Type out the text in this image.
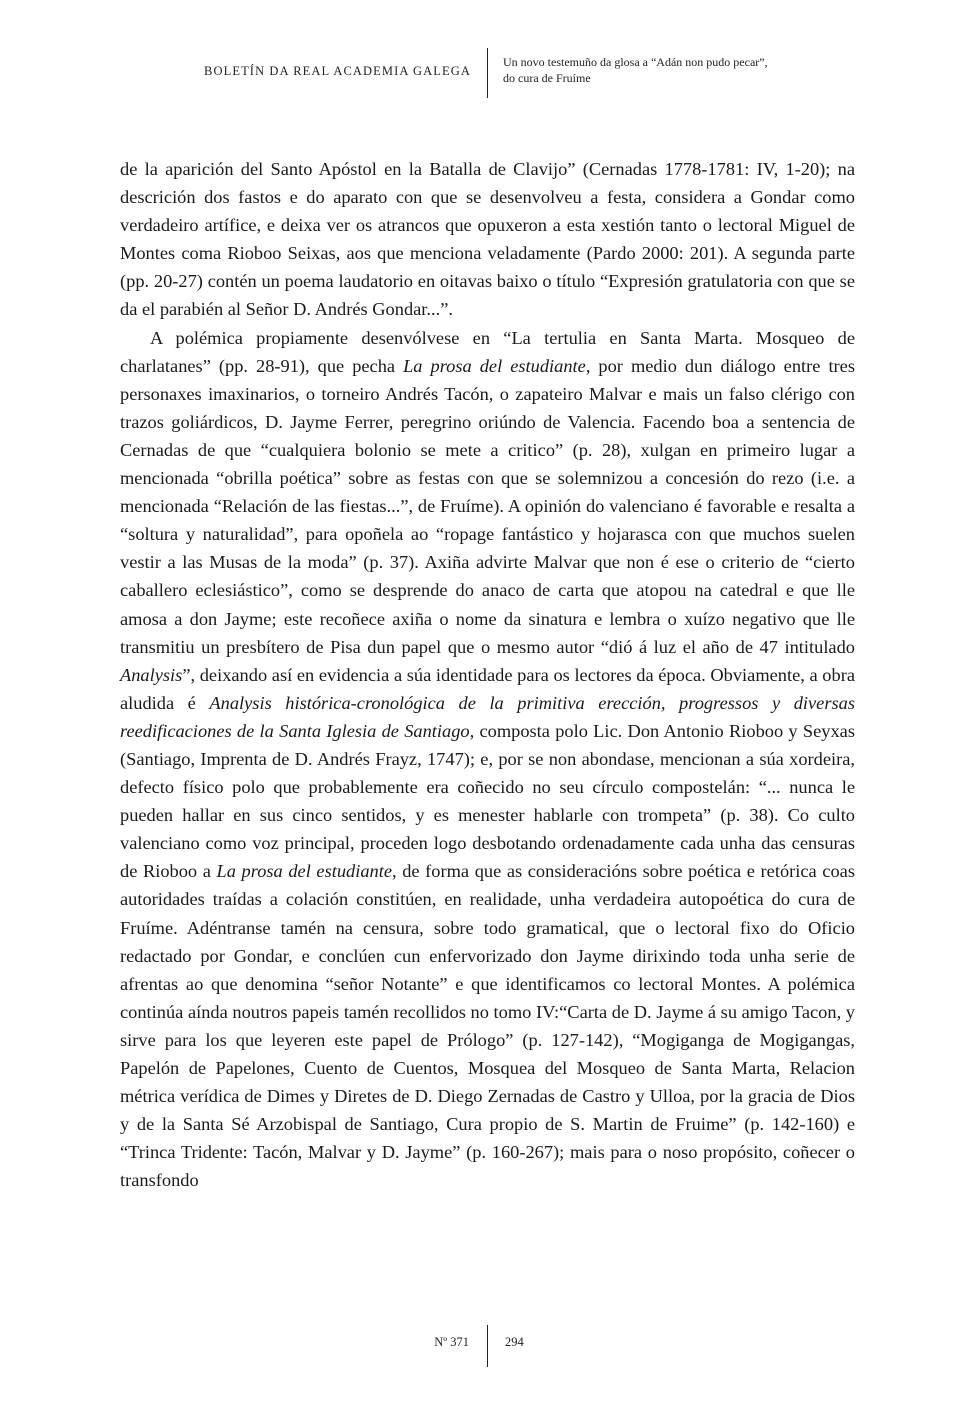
BOLETÍN DA REAL ACADEMIA GALEGA
Un novo testemuño da glosa a “Adán non pudo pecar”,
do cura de Fruíme

de la aparición del Santo Apóstol en la Batalla de Clavijo” (Cernadas 1778-1781: IV, 1-20); na descrición dos fastos e do aparato con que se desenvolveu a festa, considera a Gondar como verdadeiro artífice, e deixa ver os atrancos que opuxeron a esta xestión tanto o lectoral Miguel de Montes coma Rioboo Seixas, aos que menciona veladamente (Pardo 2000: 201). A segunda parte (pp. 20-27) contén un poema laudatorio en oitavas baixo o título “Expresión gratulatoria con que se da el parabién al Señor D. Andrés Gondar...”.

A polémica propiamente desenvólvese en “La tertulia en Santa Marta. Mosqueo de charlatanes” (pp. 28-91), que pecha La prosa del estudiante, por medio dun diálogo entre tres personaxes imaxinarios, o torneiro Andrés Tacón, o zapateiro Malvar e mais un falso clérigo con trazos goliárdicos, D. Jayme Ferrer, peregrino oriúndo de Valencia. Facendo boa a sentencia de Cernadas de que “cualquiera bolonio se mete a critico” (p. 28), xulgan en primeiro lugar a mencionada “obrilla poética” sobre as festas con que se solemnizou a concesión do rezo (i.e. a mencionada “Relación de las fiestas...”, de Fruíme). A opinión do valenciano é favorable e resalta a “soltura y naturalidad”, para opoñela ao “ropage fantástico y hojarasca con que muchos suelen vestir a las Musas de la moda” (p. 37). Axiña advirte Malvar que non é ese o criterio de “cierto caballero eclesiástico”, como se desprende do anaco de carta que atopou na catedral e que lle amosa a don Jayme; este recoñece axiña o nome da sinatura e lembra o xuízo negativo que lle transmitiu un presbítero de Pisa dun papel que o mesmo autor “dió á luz el año de 47 intitulado Analysis”, deixando así en evidencia a súa identidade para os lectores da época. Obviamente, a obra aludida é Analysis histórica-cronológica de la primitiva erección, progressos y diversas reedificaciones de la Santa Iglesia de Santiago, composta polo Lic. Don Antonio Rioboo y Seyxas (Santiago, Imprenta de D. Andrés Frayz, 1747); e, por se non abondase, mencionan a súa xordeira, defecto físico polo que probablemente era coñecido no seu círculo compostelán: “... nunca le pueden hallar en sus cinco sentidos, y es menester hablarle con trompeta” (p. 38). Co culto valenciano como voz principal, proceden logo desbotando ordenadamente cada unha das censuras de Rioboo a La prosa del estudiante, de forma que as consideracións sobre poética e retórica coas autoridades traídas a colación constitúen, en realidade, unha verdadeira autopoética do cura de Fruíme. Adéntranse tamén na censura, sobre todo gramatical, que o lectoral fixo do Oficio redactado por Gondar, e conclúen cun enfervorizado don Jayme dirixindo toda unha serie de afrentas ao que denomina “señor Notante” e que identificamos co lectoral Montes. A polémica continúa aínda noutros papeis tamén recollidos no tomo IV:“Carta de D. Jayme á su amigo Tacon, y sirve para los que leyeren este papel de Prólogo” (p. 127-142), “Mogiganga de Mogigangas, Papelón de Papelones, Cuento de Cuentos, Mosquea del Mosqueo de Santa Marta, Relacion métrica verídica de Dimes y Diretes de D. Diego Zernadas de Castro y Ulloa, por la gracia de Dios y de la Santa Sé Arzobispal de Santiago, Cura propio de S. Martin de Fruime” (p. 142-160) e “Trinca Tridente: Tacón, Malvar y D. Jayme” (p. 160-267); mais para o noso propósito, coñecer o transfondo

Nº 371	294
